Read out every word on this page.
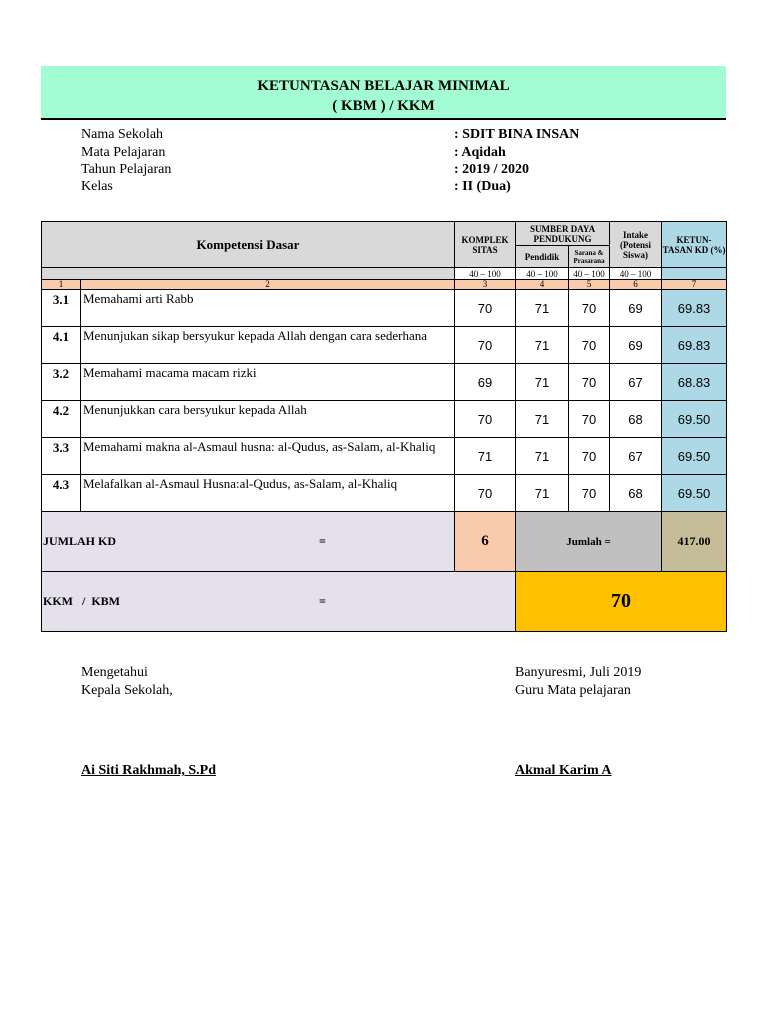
KETUNTASAN BELAJAR MINIMAL
( KBM ) / KKM
Nama Sekolah	: SDIT BINA INSAN
Mata Pelajaran	: Aqidah
Tahun Pelajaran	: 2019 / 2020
Kelas	: II (Dua)
Kompetensi Dasar		KOMPLEK SITAS	SUMBER DAYA PENDUKUNG		Intake (Potensi Siswa)	KETUN-TASAN KD (%)
			Pendidik	Sarana & Prasarana		
		40 – 100	40 – 100	40 – 100	40 – 100	
1	2	3	4	5	6	7
3.1	Memahami arti Rabb	70	71	70	69	69.83
4.1	Menunjukan sikap bersyukur kepada Allah dengan cara sederhana	70	71	70	69	69.83
3.2	Memahami macama macam rizki	69	71	70	67	68.83
4.2	Menunjukkan cara bersyukur kepada Allah	70	71	70	68	69.50
3.3	Memahami makna al-Asmaul husna: al-Qudus, as-Salam, al-Khaliq	71	71	70	67	69.50
4.3	Melafalkan al-Asmaul Husna:al-Qudus, as-Salam, al-Khaliq	70	71	70	68	69.50
JUMLAH KD =		6	Jumlah =			417.00
KKM   /  KBM =			70			
Mengetahui
Kepala Sekolah,
Ai Siti Rakhmah, S.Pd
Banyuresmi, Juli 2019
Guru Mata pelajaran
Akmal Karim A
